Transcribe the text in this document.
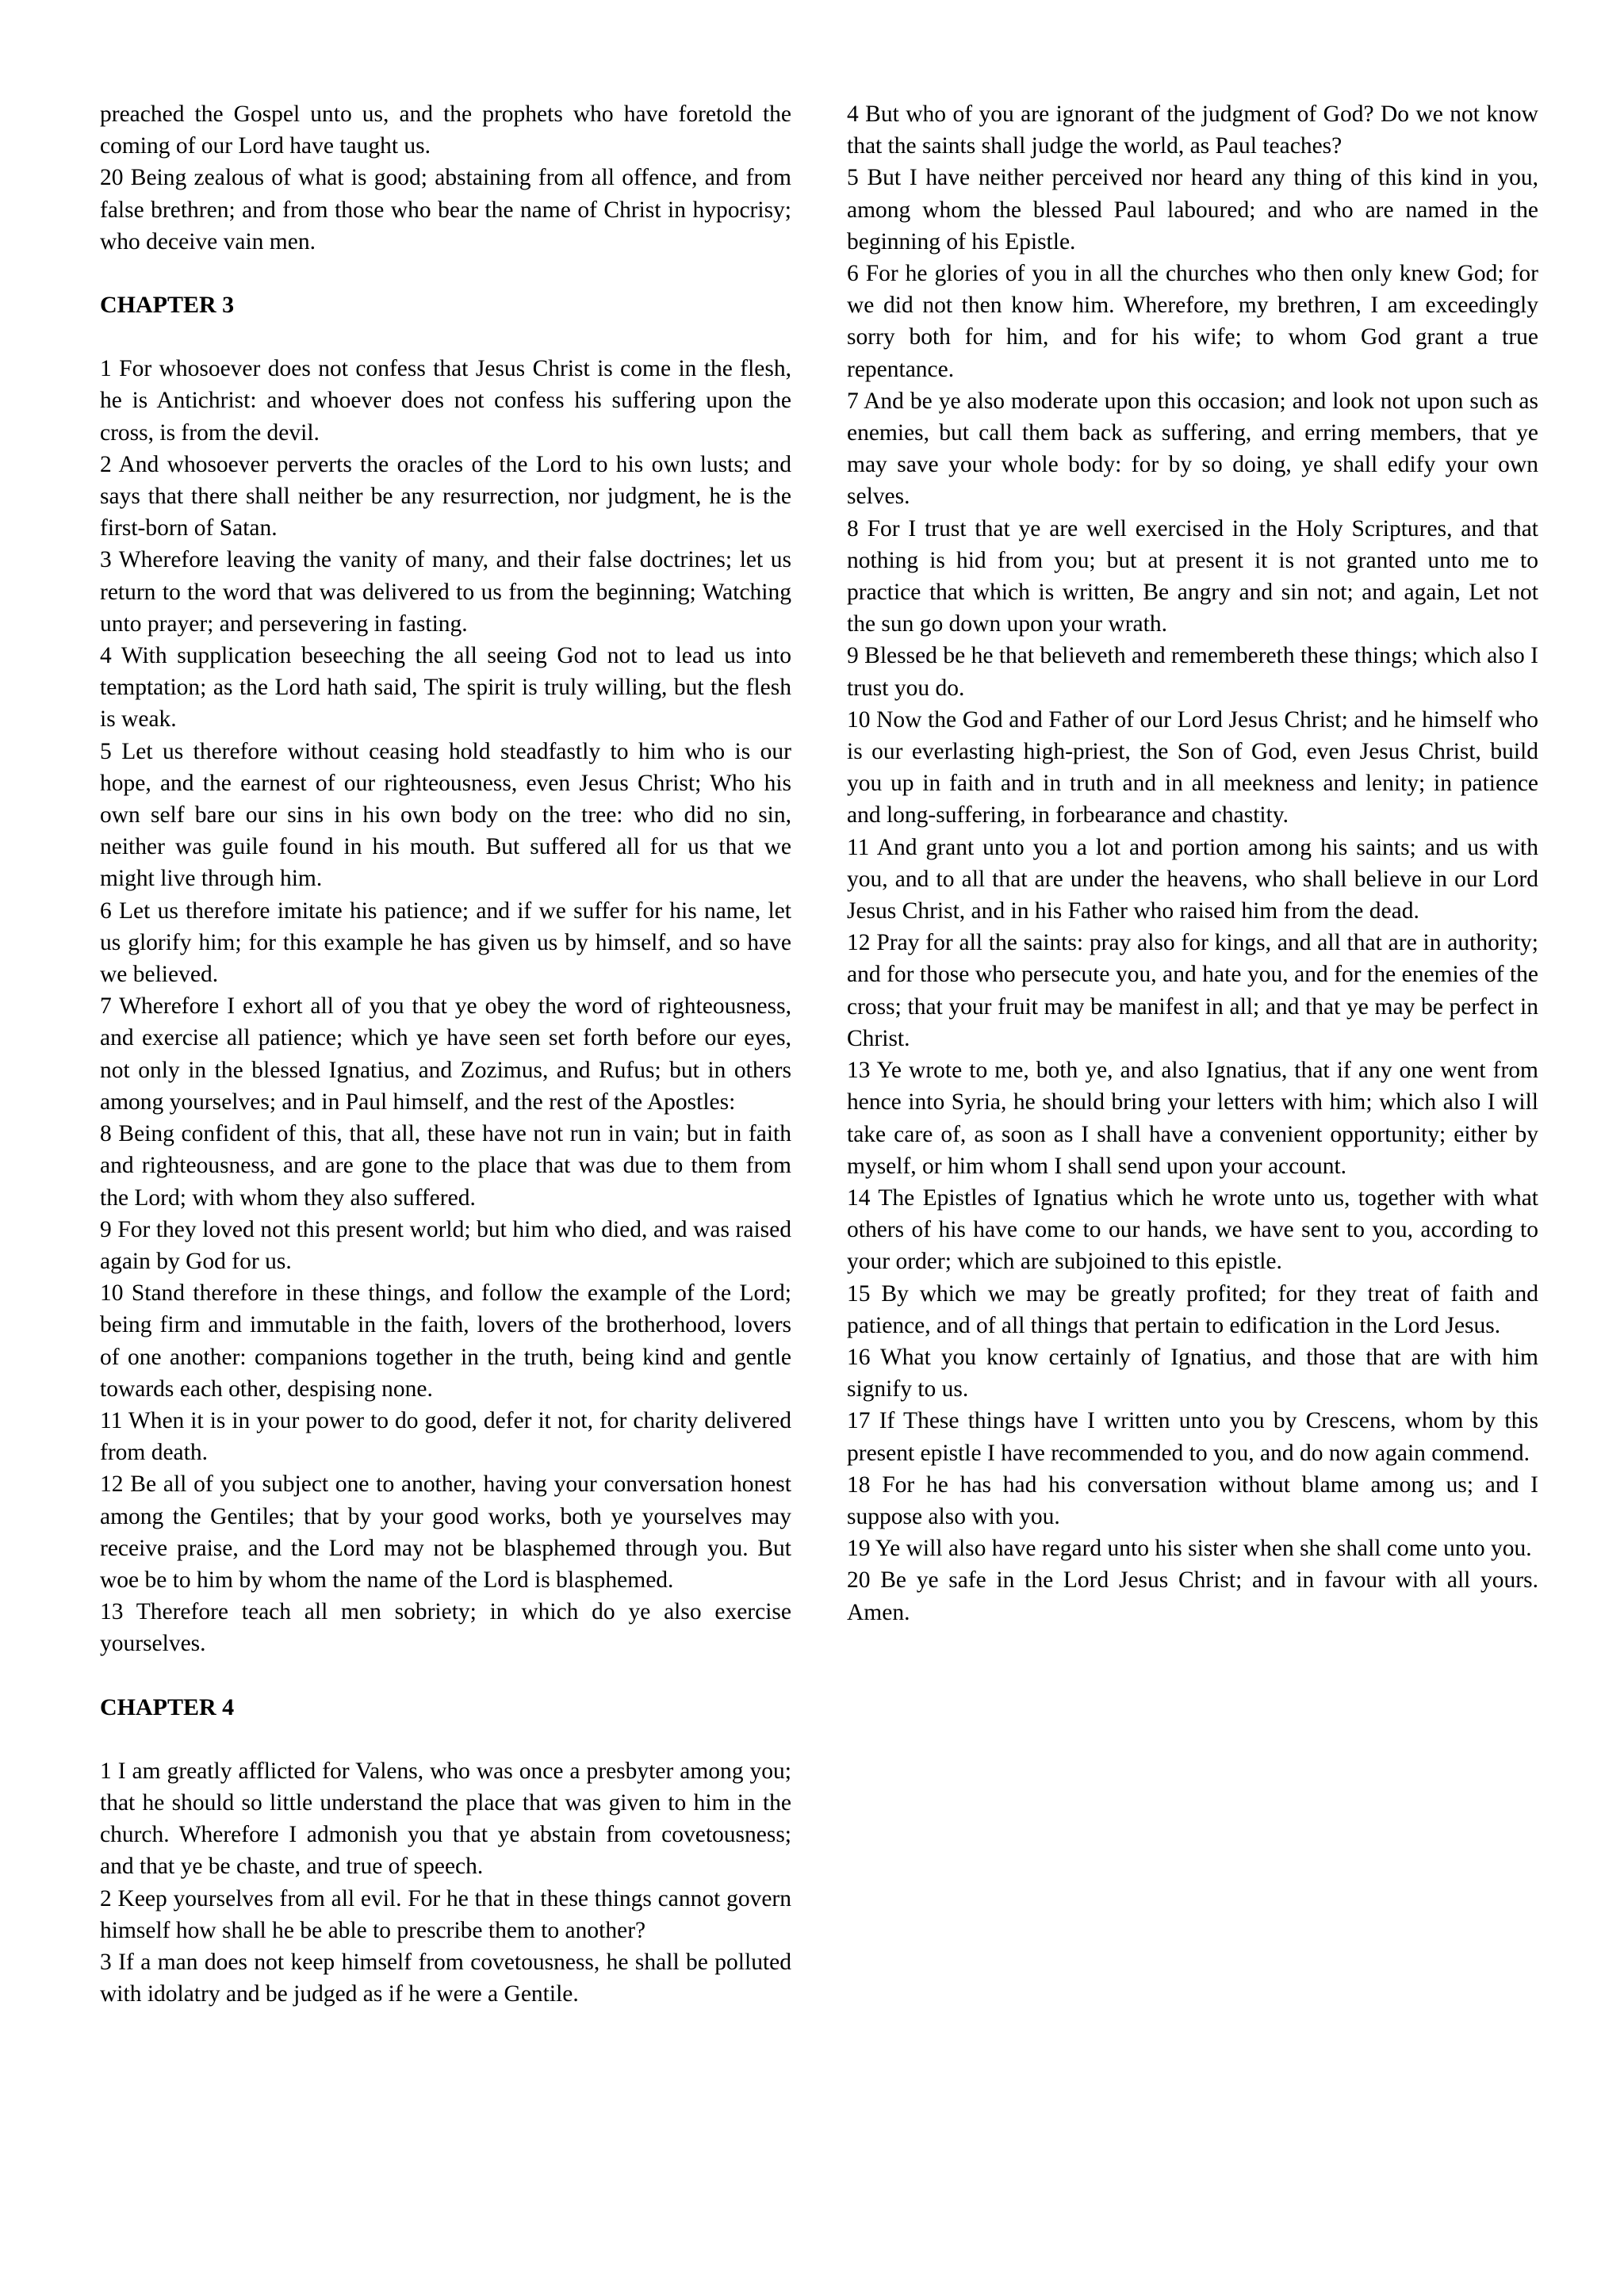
preached the Gospel unto us, and the prophets who have foretold the coming of our Lord have taught us.

20 Being zealous of what is good; abstaining from all offence, and from false brethren; and from those who bear the name of Christ in hypocrisy; who deceive vain men.

CHAPTER 3

1 For whosoever does not confess that Jesus Christ is come in the flesh, he is Antichrist: and whoever does not confess his suffering upon the cross, is from the devil.

2 And whosoever perverts the oracles of the Lord to his own lusts; and says that there shall neither be any resurrection, nor judgment, he is the first-born of Satan.

3 Wherefore leaving the vanity of many, and their false doctrines; let us return to the word that was delivered to us from the beginning; Watching unto prayer; and persevering in fasting.

4 With supplication beseeching the all seeing God not to lead us into temptation; as the Lord hath said, The spirit is truly willing, but the flesh is weak.

5 Let us therefore without ceasing hold steadfastly to him who is our hope, and the earnest of our righteousness, even Jesus Christ; Who his own self bare our sins in his own body on the tree: who did no sin, neither was guile found in his mouth. But suffered all for us that we might live through him.

6 Let us therefore imitate his patience; and if we suffer for his name, let us glorify him; for this example he has given us by himself, and so have we believed.

7 Wherefore I exhort all of you that ye obey the word of righteousness, and exercise all patience; which ye have seen set forth before our eyes, not only in the blessed Ignatius, and Zozimus, and Rufus; but in others among yourselves; and in Paul himself, and the rest of the Apostles:

8 Being confident of this, that all, these have not run in vain; but in faith and righteousness, and are gone to the place that was due to them from the Lord; with whom they also suffered.

9 For they loved not this present world; but him who died, and was raised again by God for us.

10 Stand therefore in these things, and follow the example of the Lord; being firm and immutable in the faith, lovers of the brotherhood, lovers of one another: companions together in the truth, being kind and gentle towards each other, despising none.

11 When it is in your power to do good, defer it not, for charity delivered from death.

12 Be all of you subject one to another, having your conversation honest among the Gentiles; that by your good works, both ye yourselves may receive praise, and the Lord may not be blasphemed through you. But woe be to him by whom the name of the Lord is blasphemed.

13 Therefore teach all men sobriety; in which do ye also exercise yourselves.

CHAPTER 4

1 I am greatly afflicted for Valens, who was once a presbyter among you; that he should so little understand the place that was given to him in the church. Wherefore I admonish you that ye abstain from covetousness; and that ye be chaste, and true of speech.

2 Keep yourselves from all evil. For he that in these things cannot govern himself how shall he be able to prescribe them to another?

3 If a man does not keep himself from covetousness, he shall be polluted with idolatry and be judged as if he were a Gentile.

4 But who of you are ignorant of the judgment of God? Do we not know that the saints shall judge the world, as Paul teaches?

5 But I have neither perceived nor heard any thing of this kind in you, among whom the blessed Paul laboured; and who are named in the beginning of his Epistle.

6 For he glories of you in all the churches who then only knew God; for we did not then know him. Wherefore, my brethren, I am exceedingly sorry both for him, and for his wife; to whom God grant a true repentance.

7 And be ye also moderate upon this occasion; and look not upon such as enemies, but call them back as suffering, and erring members, that ye may save your whole body: for by so doing, ye shall edify your own selves.

8 For I trust that ye are well exercised in the Holy Scriptures, and that nothing is hid from you; but at present it is not granted unto me to practice that which is written, Be angry and sin not; and again, Let not the sun go down upon your wrath.

9 Blessed be he that believeth and remembereth these things; which also I trust you do.

10 Now the God and Father of our Lord Jesus Christ; and he himself who is our everlasting high-priest, the Son of God, even Jesus Christ, build you up in faith and in truth and in all meekness and lenity; in patience and long-suffering, in forbearance and chastity.

11 And grant unto you a lot and portion among his saints; and us with you, and to all that are under the heavens, who shall believe in our Lord Jesus Christ, and in his Father who raised him from the dead.

12 Pray for all the saints: pray also for kings, and all that are in authority; and for those who persecute you, and hate you, and for the enemies of the cross; that your fruit may be manifest in all; and that ye may be perfect in Christ.

13 Ye wrote to me, both ye, and also Ignatius, that if any one went from hence into Syria, he should bring your letters with him; which also I will take care of, as soon as I shall have a convenient opportunity; either by myself, or him whom I shall send upon your account.

14 The Epistles of Ignatius which he wrote unto us, together with what others of his have come to our hands, we have sent to you, according to your order; which are subjoined to this epistle.

15 By which we may be greatly profited; for they treat of faith and patience, and of all things that pertain to edification in the Lord Jesus.

16 What you know certainly of Ignatius, and those that are with him signify to us.

17 If These things have I written unto you by Crescens, whom by this present epistle I have recommended to you, and do now again commend.

18 For he has had his conversation without blame among us; and I suppose also with you.

19 Ye will also have regard unto his sister when she shall come unto you.

20 Be ye safe in the Lord Jesus Christ; and in favour with all yours. Amen.
